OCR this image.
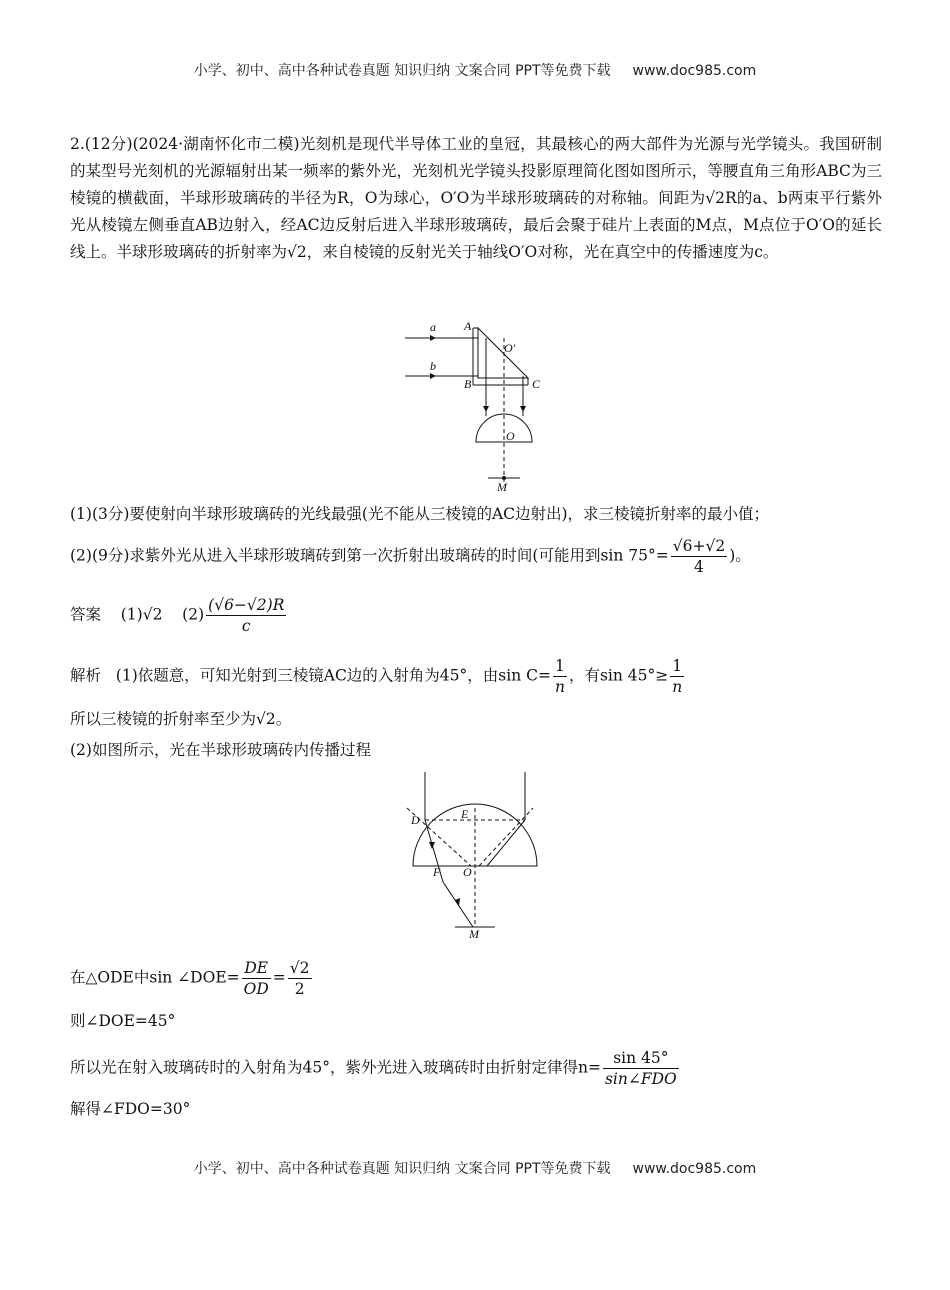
小学、初中、高中各种试卷真题 知识归纳 文案合同 PPT等免费下载 www.doc985.com
2.(12分)(2024·湖南怀化市二模)光刻机是现代半导体工业的皇冠，其最核心的两大部件为光源与光学镜头。我国研制的某型号光刻机的光源辐射出某一频率的紫外光，光刻机光学镜头投影原理简化图如图所示，等腰直角三角形ABC为三棱镜的横截面，半球形玻璃砖的半径为R，O为球心，O′O为半球形玻璃砖的对称轴。间距为√2R的a、b两束平行紫外光从棱镜左侧垂直AB边射入，经AC边反射后进入半球形玻璃砖，最后会聚于硅片上表面的M点，M点位于O′O的延长线上。半球形玻璃砖的折射率为√2，来自棱镜的反射光关于轴线O′O对称，光在真空中的传播速度为c。
a A
O′
b
B	C
O
M
(1)(3分)要使射向半球形玻璃砖的光线最强(光不能从三棱镜的AC边射出)，求三棱镜折射率的最小值；
(2)(9分)求紫外光从进入半球形玻璃砖到第一次折射出玻璃砖的时间(可能用到$\sin 75^\circ= \frac{√6+√2}{4}$ )。
答案 (1)√2 $(2) \frac{(√6-√2)R}{c}$
解析 (1)依题意，可知光射到三棱镜AC边的入射角为45°，由$\sin C= \frac{1}{n}$ ，有$\sin 45^\circ\ge \frac{1}{n}$
所以三棱镜的折射率至少为√2。
(2)如图所示，光在半球形玻璃砖内传播过程
D	E
F O
M
在△ODE中sin ∠DOE= $\frac{DE}{OD} = \frac{√2}{2}$
则∠DOE=45°
所以光在射入玻璃砖时的入射角为45°，紫外光进入玻璃砖时由折射定律得$n= \frac{\sin 45^\circ}{\text{sin∠FDO}}$
解得∠FDO=30°
小学、初中、高中各种试卷真题 知识归纳 文案合同 PPT等免费下载 www.doc985.com
